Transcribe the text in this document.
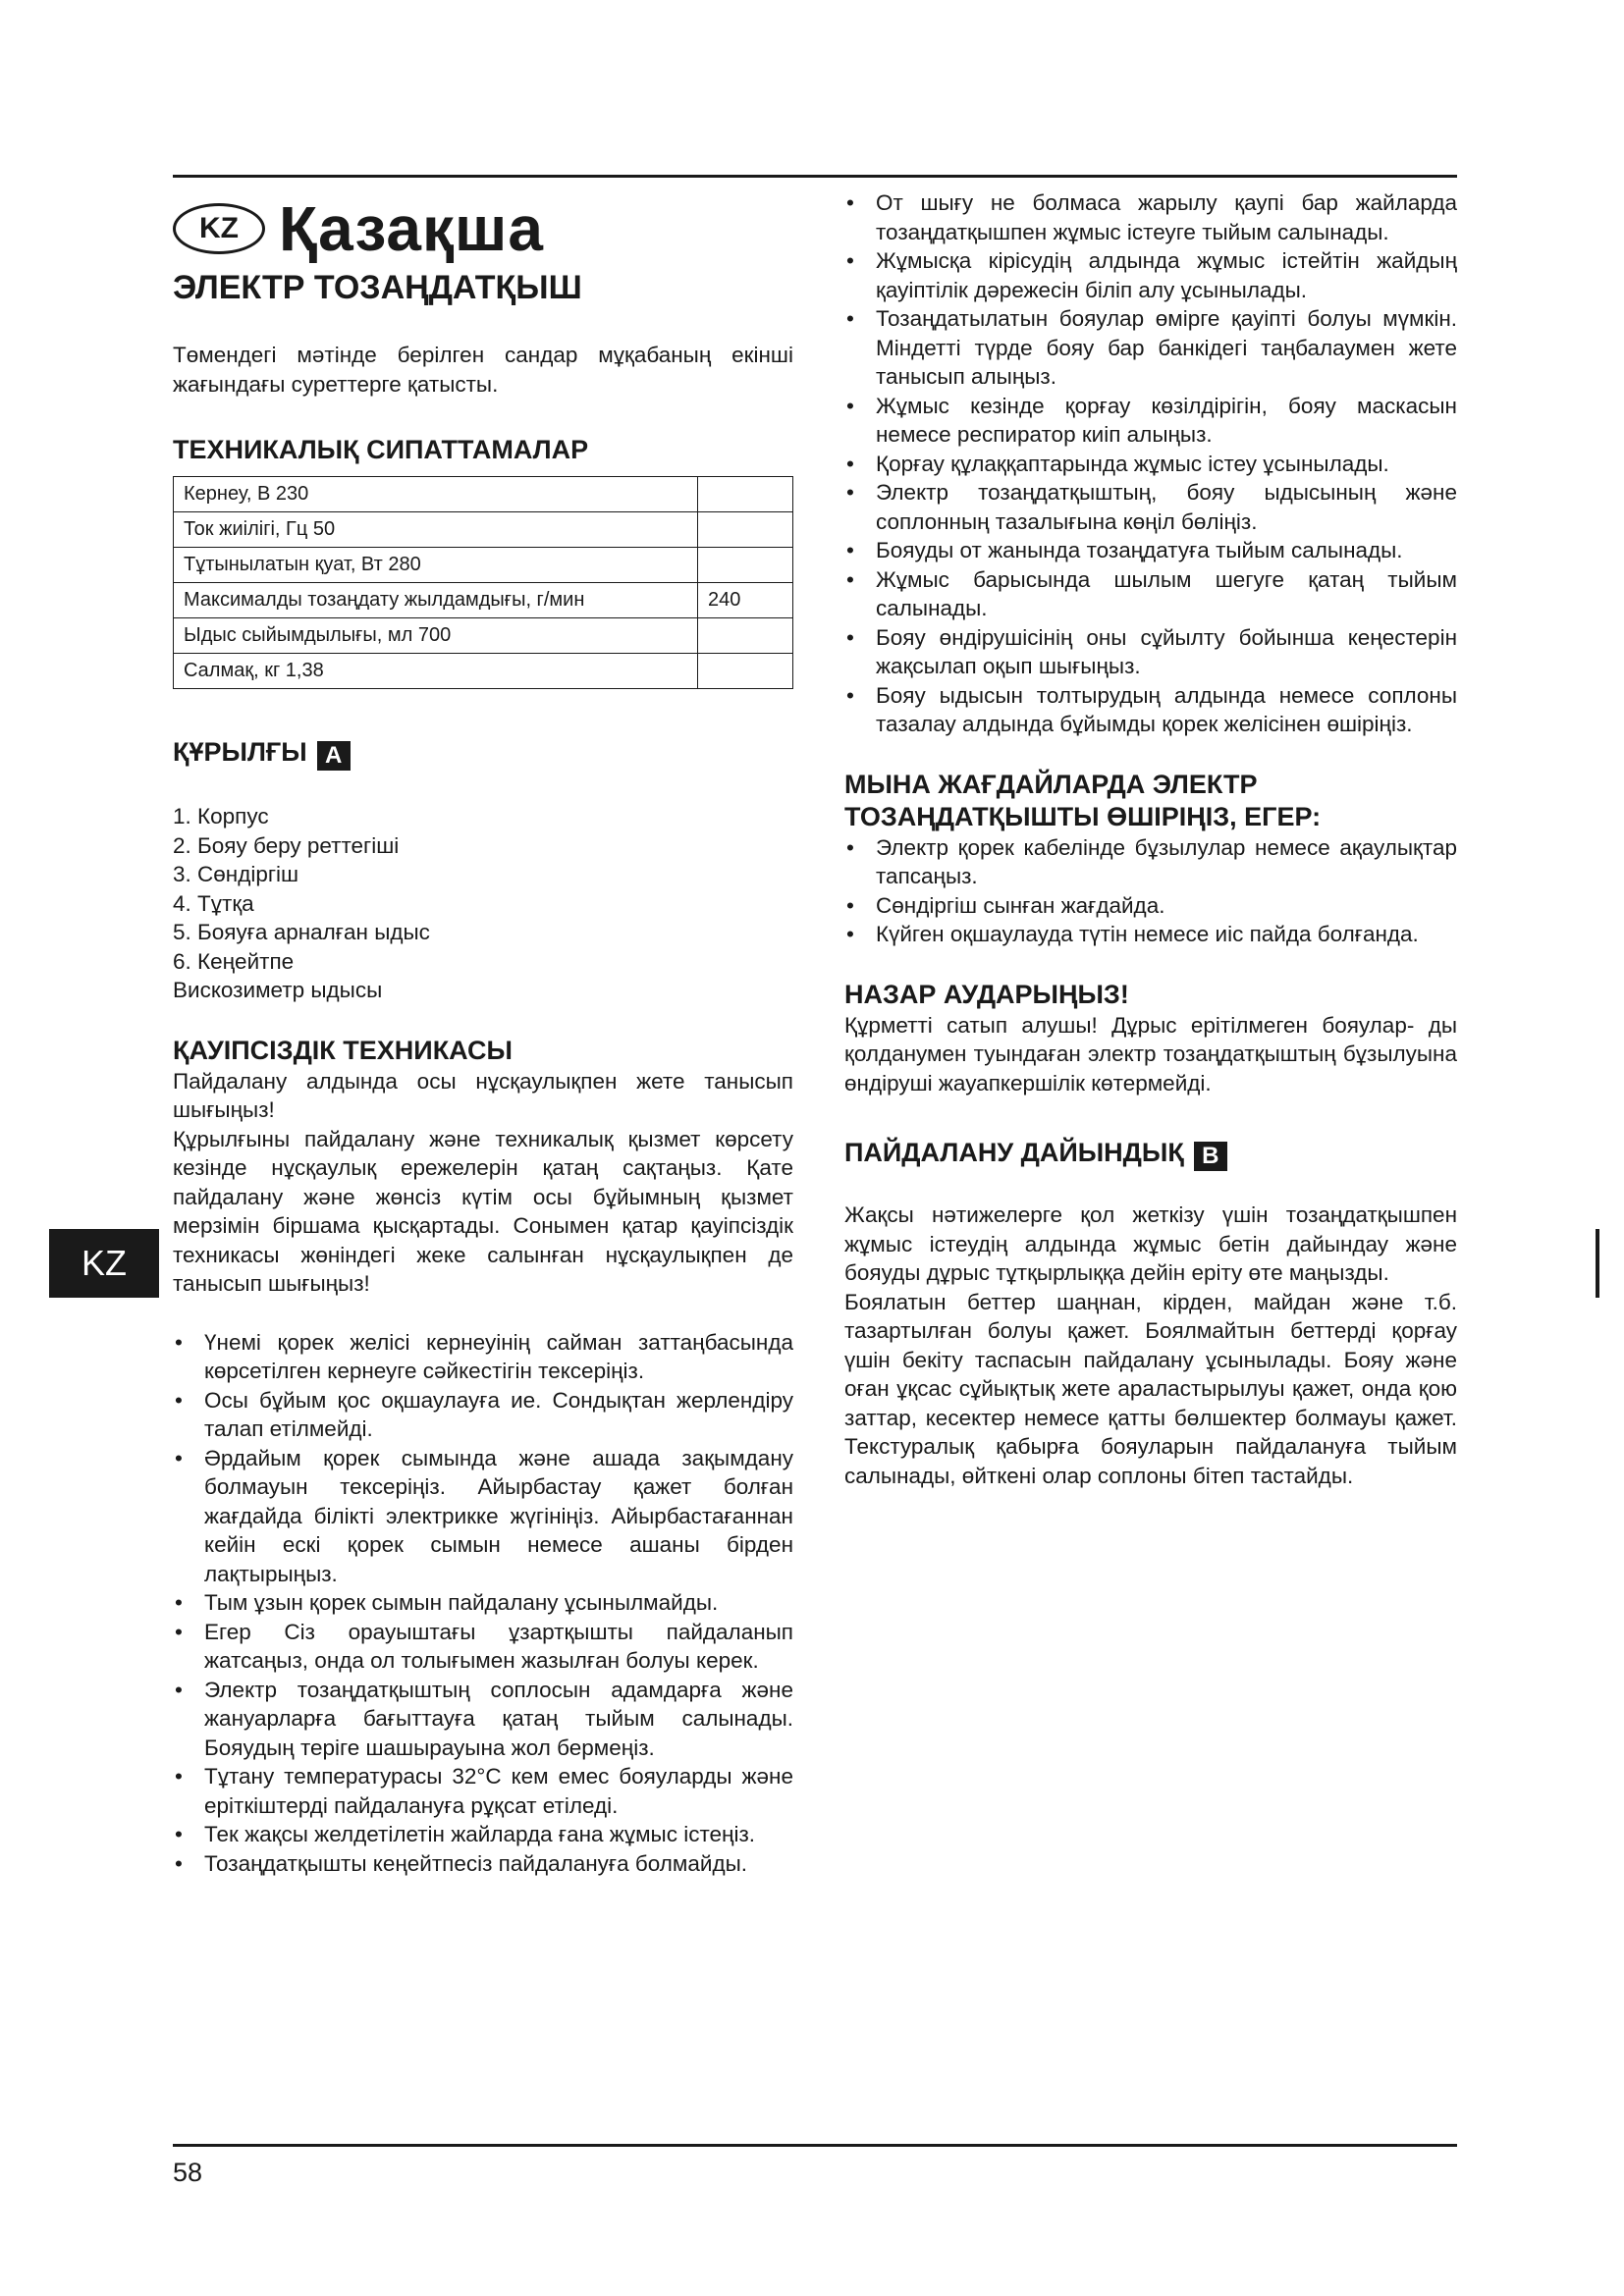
KZ Қазақша
ЭЛЕКТР ТОЗАҢДАТҚЫШ

Төмендегі мәтінде берілген сандар мұқабаның екінші жағындағы суреттерге қатысты.

ТЕХНИКАЛЫҚ СИПАТТАМАЛАР
Кернеу, В 230	
Ток жиілігі, Гц 50	
Тұтынылатын қуат, Вт 280	
Максималды тозаңдату жылдамдығы, г/мин	240
Ыдыс сыйымдылығы, мл 700	
Салмақ, кг 1,38	
ҚҰРЫЛҒЫ A
1. Корпус
2. Бояу беру реттегіші
3. Сөндіргіш
4. Тұтқа
5. Бояуға арналған ыдыс
6. Кеңейтпе
Вискозиметр ыдысы
ҚАУІПСІЗДІК ТЕХНИКАСЫ

Пайдалану алдында осы нұсқаулықпен жете танысып шығыңыз!

Құрылғыны пайдалану және техникалық қызмет көрсету кезінде нұсқаулық ережелерін қатаң сақтаңыз. Қате пайдалану және жөнсіз күтім осы бұйымның қызмет мерзімін біршама қысқартады. Сонымен қатар қауіпсіздік техникасы жөніндегі жеке салынған нұсқаулықпен де танысып шығыңыз!

• Үнемі қорек желісі кернеуінің сайман заттаңбасында көрсетілген кернеуге сәйкестігін тексеріңіз.
• Осы бұйым қос оқшаулауға ие. Сондықтан жерлендіру талап етілмейді.
• Әрдайым қорек сымында және ашада зақымдану болмауын тексеріңіз. Айырбастау қажет болған жағдайда білікті электрикке жүгініңіз. Айырбастағаннан кейін ескі қорек сымын немесе ашаны бірден лақтырыңыз.
• Тым ұзын қорек сымын пайдалану ұсынылмайды.
• Егер Сіз орауыштағы ұзартқышты пайдаланып жатсаңыз, онда ол толығымен жазылған болуы керек.
• Электр тозаңдатқыштың соплосын адамдарға және жануарларға бағыттауға қатаң тыйым салынады. Бояудың теріге шашырауына жол бермеңіз.
• Тұтану температурасы 32°С кем емес бояуларды және еріткіштерді пайдалануға рұқсат етіледі.
• Тек жақсы желдетілетін жайларда ғана жұмыс істеңіз.
• Тозаңдатқышты кеңейтпесіз пайдалануға болмайды.
• От шығу не болмаса жарылу қаупі бар жайларда тозаңдатқышпен жұмыс істеуге тыйым салынады.
• Жұмысқа кірісудің алдында жұмыс істейтін жайдың қауіптілік дәрежесін біліп алу ұсынылады.
• Тозаңдатылатын бояулар өмірге қауіпті болуы мүмкін. Міндетті түрде бояу бар банкідегі таңбалаумен жете танысып алыңыз.
• Жұмыс кезінде қорғау көзілдірігін, бояу маскасын немесе респиратор киіп алыңыз.
• Қорғау құлаққаптарында жұмыс істеу ұсынылады.
• Электр тозаңдатқыштың, бояу ыдысының және соплонның тазалығына көңіл бөліңіз.
• Бояуды от жанында тозаңдатуға тыйым салынады.
• Жұмыс барысында шылым шегуге қатаң тыйым салынады.
• Бояу өндірушісінің оны сұйылту бойынша кеңестерін жақсылап оқып шығыңыз.
• Бояу ыдысын толтырудың алдында немесе соплоны тазалау алдында бұйымды қорек желісінен өшіріңіз.
МЫНА ЖАҒДАЙЛАРДА ЭЛЕКТР
ТОЗАҢДАТҚЫШТЫ ӨШІРІҢІЗ, ЕГЕР:
• Электр қорек кабелінде бұзылулар немесе ақаулықтар тапсаңыз.
• Сөндіргіш сынған жағдайда.
• Күйген оқшаулауда түтін немесе иіс пайда болғанда.
НАЗАР АУДАРЫҢЫЗ!

Құрметті сатып алушы! Дұрыс ерітілмеген бояулар- ды қолданумен туындаған электр тозаңдатқыштың бұзылуына өндіруші жауапкершілік көтермейді.

ПАЙДАЛАНУ ДАЙЫНДЫҚ B

Жақсы нәтижелерге қол жеткізу үшін тозаңдатқышпен жұмыс істеудің алдында жұмыс бетін дайындау және бояуды дұрыс тұтқырлыққа дейін ерiту өте маңызды.

Боялатын беттер шаңнан, кірден, майдан және т.б. тазартылған болуы қажет. Боялмайтын беттерді қорғау үшін бекіту таспасын пайдалану ұсынылады. Бояу және оған ұқсас сұйықтық жете араластырылуы қажет, онда қою заттар, кесектер немесе қатты бөлшектер болмауы қажет. Текстуралық қабырға бояуларын пайдалануға тыйым салынады, өйткені олар соплоны бітеп тастайды.

KZ
58
